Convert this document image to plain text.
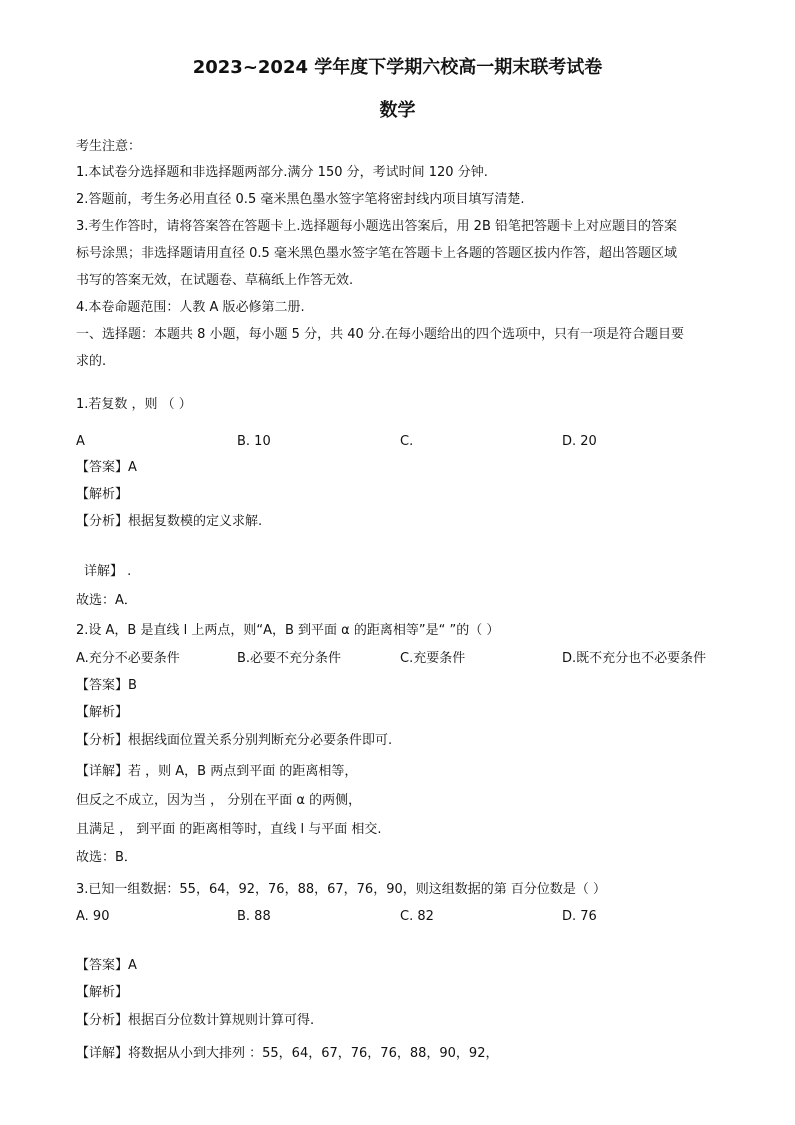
2023~2024 学年度下学期六校高一期末联考试卷
数学
考生注意：
1.本试卷分选择题和非选择题两部分.满分 150 分，考试时间 120 分钟.
2.答题前，考生务必用直径 0.5 毫米黑色墨水签字笔将密封线内项目填写清楚.
3.考生作答时，请将答案答在答题卡上.选择题每小题选出答案后，用 2B 铅笔把答题卡上对应题目的答案
标号涂黑；非选择题请用直径 0.5 毫米黑色墨水签字笔在答题卡上各题的答题区拔内作答，超出答题区域
书写的答案无效，在试题卷、草稿纸上作答无效.
4.本卷命题范围：人教 A 版必修第二册.
一、选择题：本题共 8 小题，每小题 5 分，共 40 分.在每小题给出的四个选项中，只有一项是符合题目要
求的.
1.若复数 ，则 （ ）
A	B. 10	C.	D. 20
【答案】A
【解析】
【分析】根据复数模的定义求解.
详解】 .
故选：A．
2.设 A，B 是直线 l 上两点，则“A，B 到平面 α 的距离相等”是“ ”的（ ）
A.充分不必要条件	B.必要不充分条件	C.充要条件	D.既不充分也不必要条件
【答案】B
【解析】
【分析】根据线面位置关系分别判断充分必要条件即可.
【详解】若 ，则 A，B 两点到平面 的距离相等，
但反之不成立，因为当 ， 分别在平面 α 的两侧，
且满足 ， 到平面 的距离相等时，直线 l 与平面 相交.
故选：B．
3.已知一组数据：55，64，92，76，88，67，76，90，则这组数据的第 百分位数是（ ）
A. 90	B. 88	C. 82	D. 76
【答案】A
【解析】
【分析】根据百分位数计算规则计算可得.
【详解】将数据从小到大排列 ：55，64，67，76，76，88，90，92，
